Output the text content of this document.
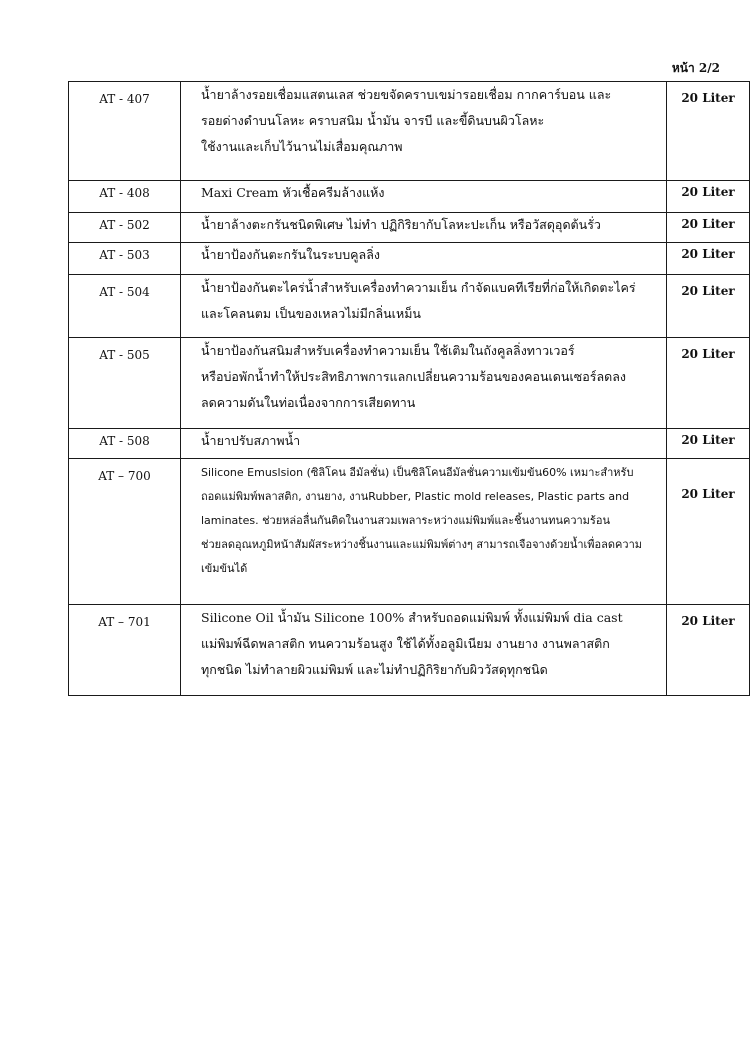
หน้า 2/2
AT - 407	น้ำยาล้างรอยเชื่อมแสตนเลส ช่วยขจัดคราบเขม่ารอยเชื่อม กากคาร์บอน และ
รอยด่างดำบนโลหะ คราบสนิม น้ำมัน จารบี และขี้ดินบนผิวโลหะ
ใช้งานและเก็บไว้นานไม่เสื่อมคุณภาพ	20 Liter
AT - 408	Maxi Cream หัวเชื้อครีมล้างแห้ง	20 Liter
AT - 502	น้ำยาล้างตะกรันชนิดพิเศษ ไม่ทำ ปฏิกิริยากับโลหะปะเก็น หรือวัสดุอุดต้นรั่ว	20 Liter
AT - 503	น้ำยาป้องกันตะกรันในระบบคูลลิ่ง	20 Liter
AT - 504	น้ำยาป้องกันตะไคร่น้ำสำหรับเครื่องทำความเย็น กำจัดแบคทีเรียที่ก่อให้เกิดตะไคร่
และโคลนตม เป็นของเหลวไม่มีกลิ่นเหม็น	20 Liter
AT - 505	น้ำยาป้องกันสนิมสำหรับเครื่องทำความเย็น ใช้เติมในถังคูลลิ่งทาวเวอร์
หรือบ่อพักน้ำทำให้ประสิทธิภาพการแลกเปลี่ยนความร้อนของคอนเดนเซอร์ลดลง
ลดความดันในท่อเนื่องจากการเสียดทาน	20 Liter
AT - 508	น้ำยาปรับสภาพน้ำ	20 Liter
AT – 700	Silicone Emuslsion (ซิลิโคน อีมัลชั่น) เป็นซิลิโคนอีมัลชั่นความเข้มข้น60% เหมาะสำหรับ
ถอดแม่พิมพ์พลาสติก, งานยาง, งานRubber, Plastic mold releases, Plastic parts and
laminates. ช่วยหล่อลื่นกันติดในงานสวมเพลาระหว่างแม่พิมพ์และชิ้นงานทนความร้อน
ช่วยลดอุณหภูมิหน้าสัมผัสระหว่างชิ้นงานและแม่พิมพ์ต่างๆ สามารถเจือจางด้วยน้ำเพื่อลดความ
เข้มข้นได้	20 Liter
AT – 701	Silicone Oil น้ำมัน Silicone 100% สำหรับถอดแม่พิมพ์ ทั้งแม่พิมพ์ dia cast
แม่พิมพ์ฉีดพลาสติก ทนความร้อนสูง ใช้ได้ทั้งอลูมิเนียม งานยาง งานพลาสติก
ทุกชนิด ไม่ทำลายผิวแม่พิมพ์ และไม่ทำปฏิกิริยากับผิววัสดุทุกชนิด	20 Liter
